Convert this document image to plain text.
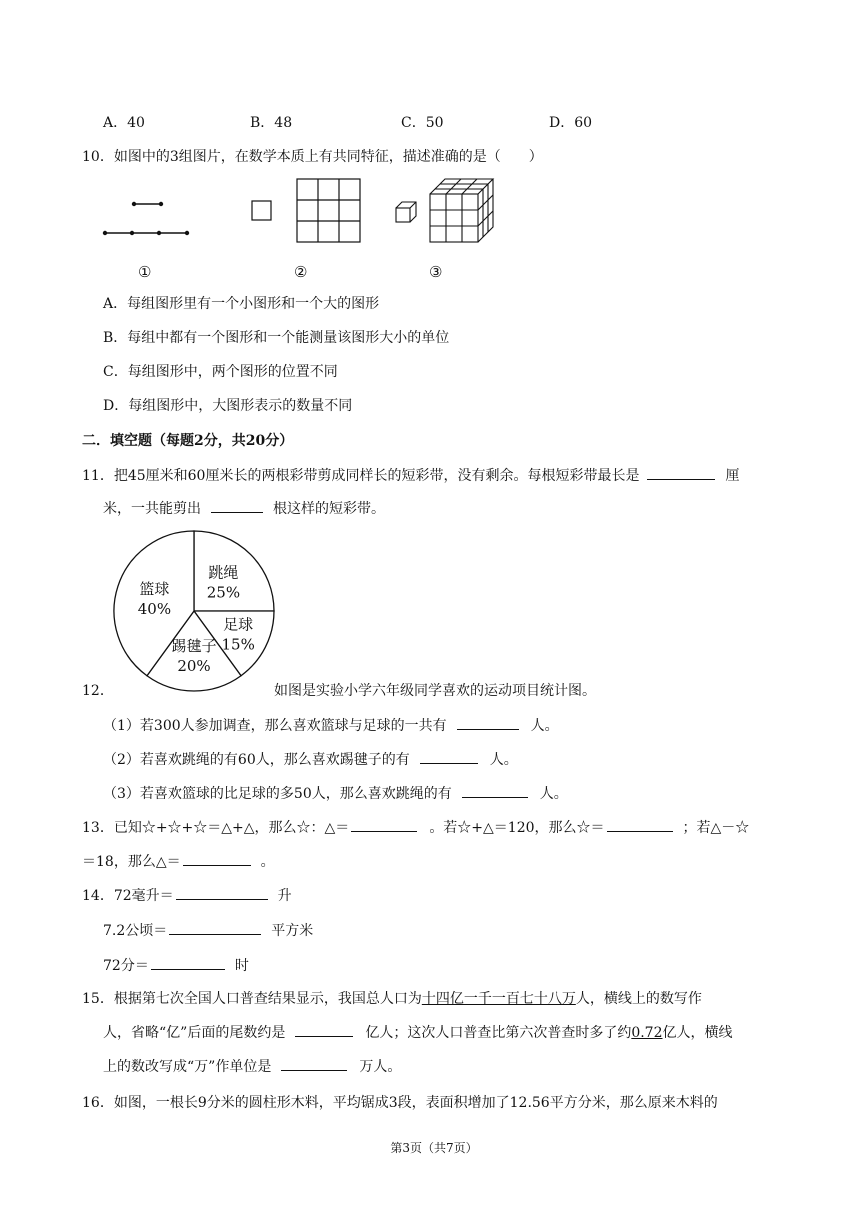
A．40	B．48	C．50	D．60
10．如图中的3组图片，在数学本质上有共同特征，描述准确的是（　　）
①	②	③
A．每组图形里有一个小图形和一个大的图形
B．每组中都有一个图形和一个能测量该图形大小的单位
C．每组图形中，两个图形的位置不同
D．每组图形中，大图形表示的数量不同
二．填空题（每题2分，共20分）
11．把45厘米和60厘米长的两根彩带剪成同样长的短彩带，没有剩余。每根短彩带最长是	厘
米，一共能剪出	根这样的短彩带。
跳绳
25%
足球
15%
踢毽子
20%
篮球
40%
12．	如图是实验小学六年级同学喜欢的运动项目统计图。
（1）若300人参加调查，那么喜欢篮球与足球的一共有	人。
（2）若喜欢跳绳的有60人，那么喜欢踢毽子的有	人。
（3）若喜欢篮球的比足球的多50人，那么喜欢跳绳的有	人。
13．已知☆+☆+☆＝△+△，那么☆：△＝	。若☆+△＝120，那么☆＝	；若△－☆
＝18，那么△＝	。
14．72毫升＝	升
7.2公顷＝	平方米
72分＝	时
15．根据第七次全国人口普查结果显示，我国总人口为十四亿一千一百七十八万人，横线上的数写作
人，省略“亿”后面的尾数约是	亿人；这次人口普查比第六次普查时多了约0.72亿人，横线
上的数改写成“万”作单位是	万人。
16．如图，一根长9分米的圆柱形木料，平均锯成3段，表面积增加了12.56平方分米，那么原来木料的
第3页（共7页）
